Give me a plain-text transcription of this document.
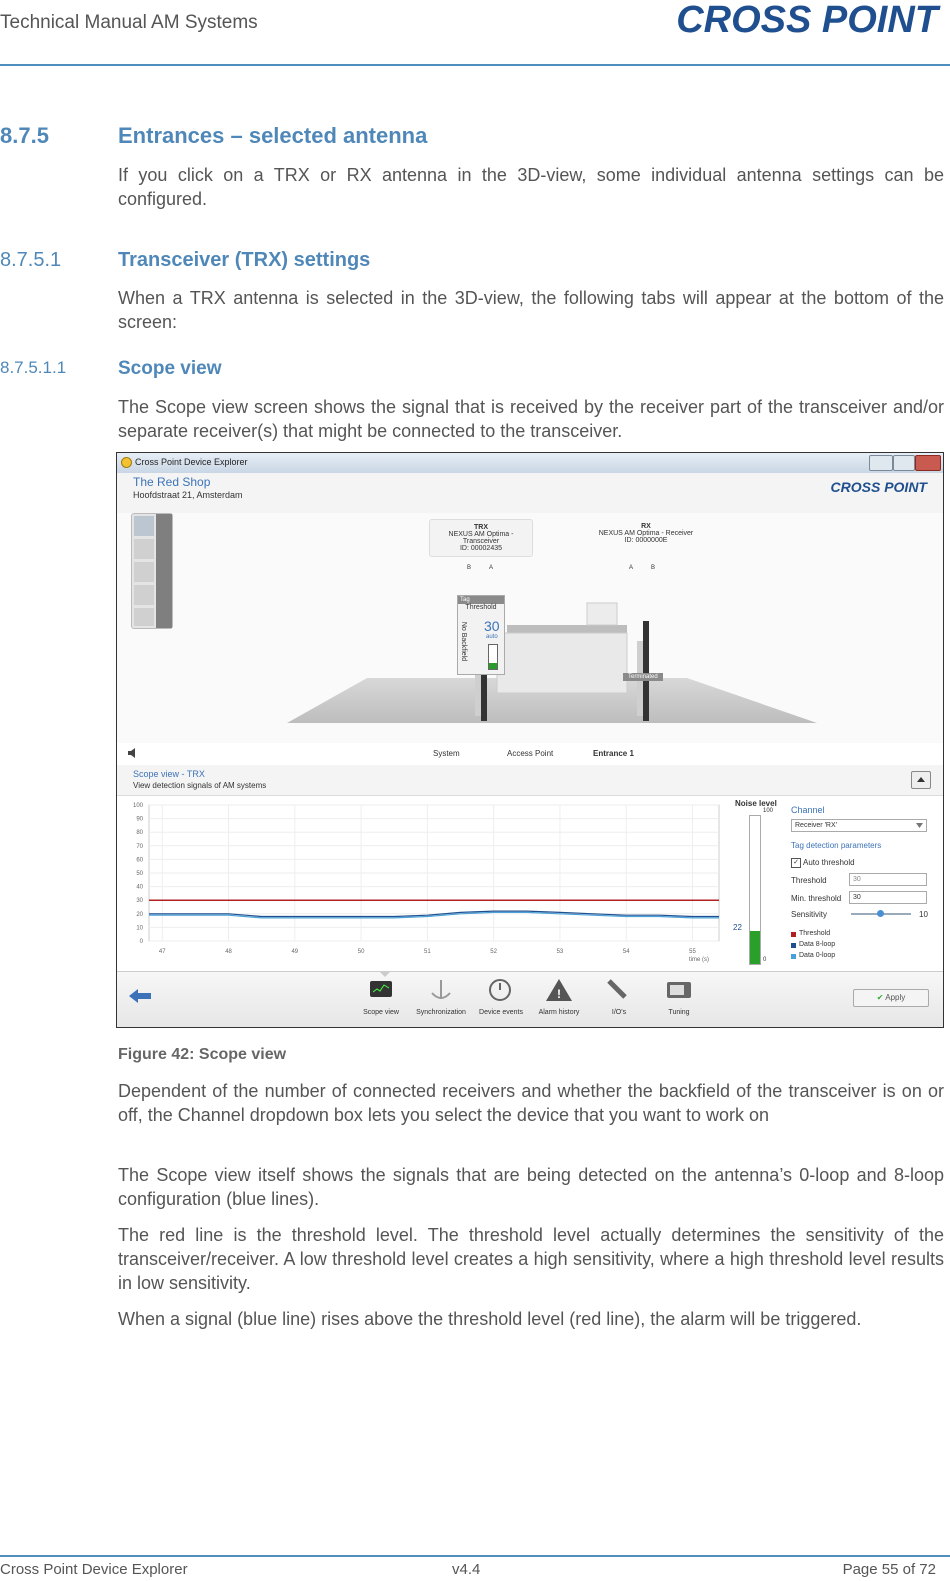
Technical Manual AM Systems	CROSS POINT
8.7.5	Entrances – selected antenna
If you click on a TRX or RX antenna in the 3D-view, some individual antenna settings can be configured.
8.7.5.1	Transceiver (TRX) settings
When a TRX antenna is selected in the 3D-view, the following tabs will appear at the bottom of the screen:
8.7.5.1.1	Scope view
The Scope view screen shows the signal that is received by the receiver part of the transceiver and/or separate receiver(s) that might be connected to the transceiver.
Cross Point Device Explorer
The Red Shop
Hoofdstraat 21, Amsterdam	CROSS POINT
TRX
NEXUS AM Optima - Transceiver
ID: 00002435
B	A
RX
NEXUS AM Optima - Receiver
ID: 0000000E
A	B
Tag
Threshold
30
auto
No Backfield
Terminated
System	Access Point	Entrance 1
Scope view - TRX
View detection signals of AM systems
0
10
20
30
40
50
60
70
80
90
100
47	48	49	50	51	52	53	54	55
time (s)
Noise level
100
22
0
Channel
Receiver 'RX'
Tag detection parameters
✓ Auto threshold
Threshold	30
Min. threshold	30
Sensitivity	10
Threshold
Data 8-loop
Data 0-loop
!
Scope view	Synchronization	Device events	Alarm history	I/O's	Tuning
✔ Apply
Figure 42: Scope view
Dependent of the number of connected receivers and whether the backfield of the transceiver is on or off, the Channel dropdown box lets you select the device that you want to work on
The Scope view itself shows the signals that are being detected on the antenna’s 0-loop and 8-loop configuration (blue lines).
The red line is the threshold level. The threshold level actually determines the sensitivity of the transceiver/receiver. A low threshold level creates a high sensitivity, where a high threshold level results in low sensitivity.
When a signal (blue line) rises above the threshold level (red line), the alarm will be triggered.
Cross Point Device Explorer	v4.4	Page 55 of 72
